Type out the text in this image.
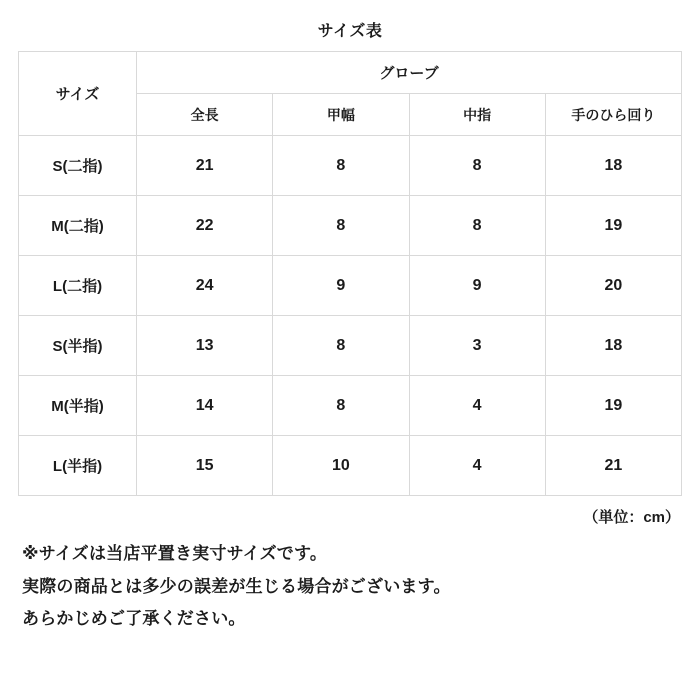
サイズ表
サイズ	グローブ			
	全長	甲幅	中指	手のひら回り
S(二指)	21	8	8	18
M(二指)	22	8	8	19
L(二指)	24	9	9	20
S(半指)	13	8	3	18
M(半指)	14	8	4	19
L(半指)	15	10	4	21
（単位：cm）

※サイズは当店平置き実寸サイズです。

実際の商品とは多少の誤差が生じる場合がございます。

あらかじめご了承ください。
